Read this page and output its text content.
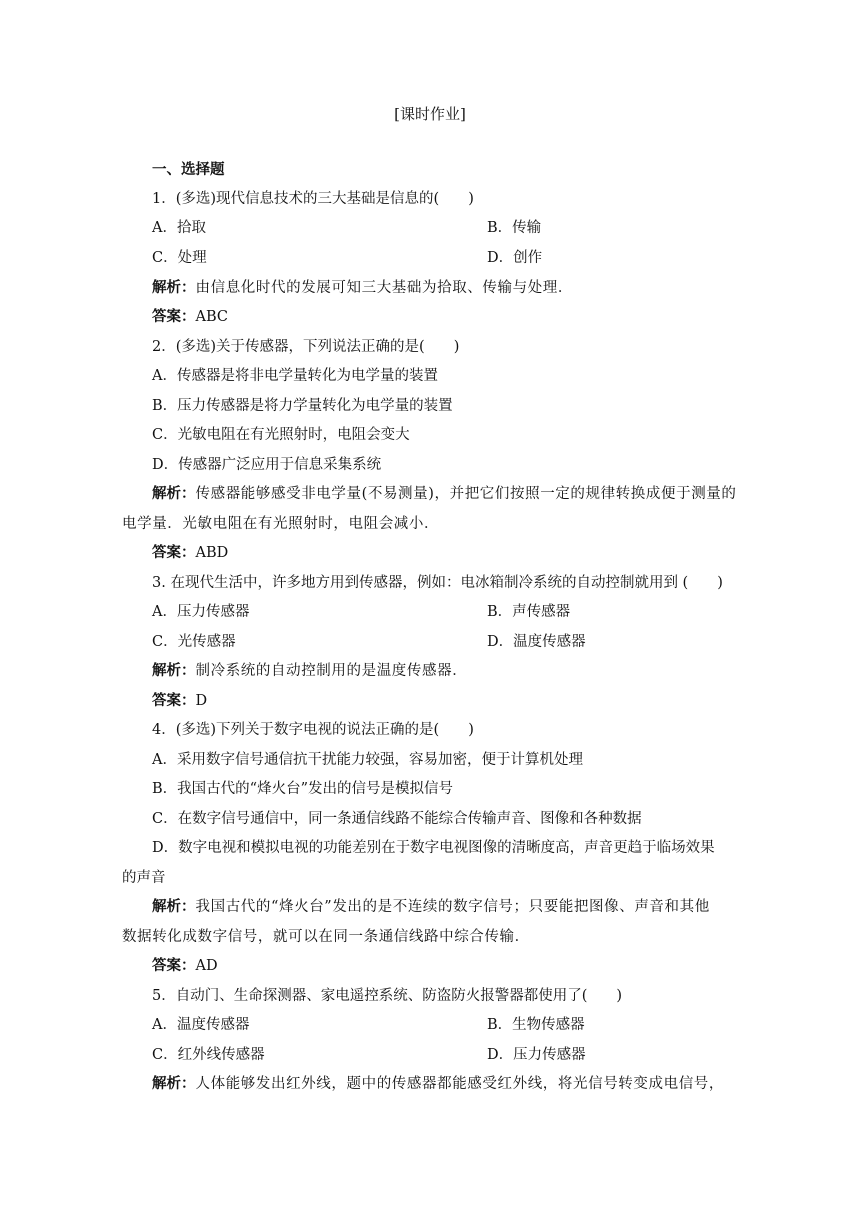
[课时作业]
一、选择题
1．(多选)现代信息技术的三大基础是信息的(　　)
A．拾取	B．传输
C．处理	D．创作
解析：由信息化时代的发展可知三大基础为拾取、传输与处理．
答案：ABC
2．(多选)关于传感器，下列说法正确的是(　　)
A．传感器是将非电学量转化为电学量的装置
B．压力传感器是将力学量转化为电学量的装置
C．光敏电阻在有光照射时，电阻会变大
D．传感器广泛应用于信息采集系统
解析：传感器能够感受非电学量(不易测量)，并把它们按照一定的规律转换成便于测量的
电学量．光敏电阻在有光照射时，电阻会减小．
答案：ABD
3. 在现代生活中，许多地方用到传感器，例如：电冰箱制冷系统的自动控制就用到 (　　)
A．压力传感器	B．声传感器
C．光传感器	D．温度传感器
解析：制冷系统的自动控制用的是温度传感器．
答案：D
4．(多选)下列关于数字电视的说法正确的是(　　)
A．采用数字信号通信抗干扰能力较强，容易加密，便于计算机处理
B．我国古代的“烽火台”发出的信号是模拟信号
C．在数字信号通信中，同一条通信线路不能综合传输声音、图像和各种数据
D．数字电视和模拟电视的功能差别在于数字电视图像的清晰度高，声音更趋于临场效果
的声音
解析：我国古代的“烽火台”发出的是不连续的数字信号；只要能把图像、声音和其他
数据转化成数字信号，就可以在同一条通信线路中综合传输．
答案：AD
5．自动门、生命探测器、家电遥控系统、防盗防火报警器都使用了(　　)
A．温度传感器	B．生物传感器
C．红外线传感器	D．压力传感器
解析：人体能够发出红外线，题中的传感器都能感受红外线，将光信号转变成电信号，
